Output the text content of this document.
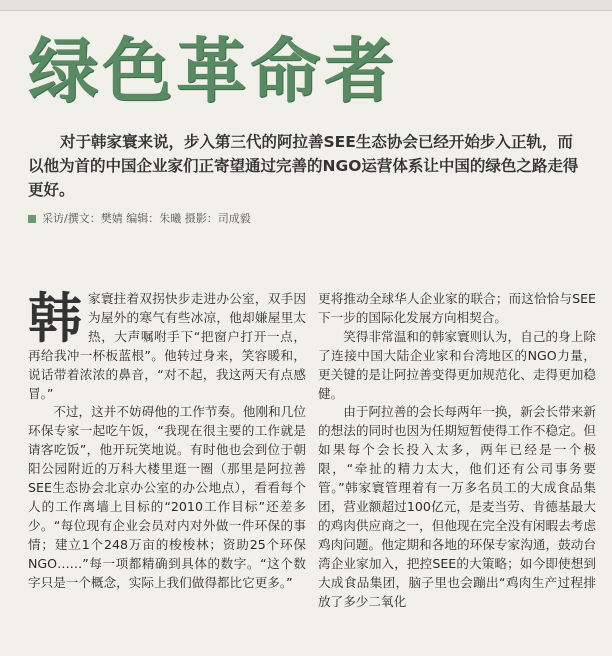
绿色革命者
对于韩家寰来说，步入第三代的阿拉善SEE生态协会已经开始步入正轨，而以他为首的中国企业家们正寄望通过完善的NGO运营体系让中国的绿色之路走得更好。
采访/撰文：樊婧 编辑：朱曦 摄影：司成毅

韩家寰拄着双拐快步走进办公室，双手因为屋外的寒气有些冰凉，他却嫌屋里太热，大声嘱咐手下“把窗户打开一点，再给我冲一杯板蓝根”。他转过身来，笑容暖和，说话带着浓浓的鼻音，“对不起，我这两天有点感冒。”

不过，这并不妨碍他的工作节奏。他刚和几位环保专家一起吃午饭，“我现在很主要的工作就是请客吃饭”，他开玩笑地说。有时他也会到位于朝阳公园附近的万科大楼里逛一圈（那里是阿拉善SEE生态协会北京办公室的办公地点），看看每个人的工作离墙上目标的“2010工作目标”还差多少。“每位现有企业会员对内对外做一件环保的事情；建立1个248万亩的梭梭林；资助25个环保NGO……”每一项都精确到具体的数字。“这个数字只是一个概念，实际上我们做得都比它更多。”

更将推动全球华人企业家的联合；而这恰恰与SEE下一步的国际化发展方向相契合。

笑得非常温和的韩家寰则认为，自己的身上除了连接中国大陆企业家和台湾地区的NGO力量，更关键的是让阿拉善变得更加规范化、走得更加稳健。

由于阿拉善的会长每两年一换，新会长带来新的想法的同时也因为任期短暂使得工作不稳定。但如果每个会长投入太多，两年已经是一个极限，“牵扯的精力太大，他们还有公司事务要管。”韩家寰管理着有一万多名员工的大成食品集团，营业额超过100亿元，是麦当劳、肯德基最大的鸡肉供应商之一，但他现在完全没有闲暇去考虑鸡肉问题。他定期和各地的环保专家沟通，鼓动台湾企业家加入，把控SEE的大策略；如今即使想到大成食品集团，脑子里也会蹦出“鸡肉生产过程排放了多少二氧化
